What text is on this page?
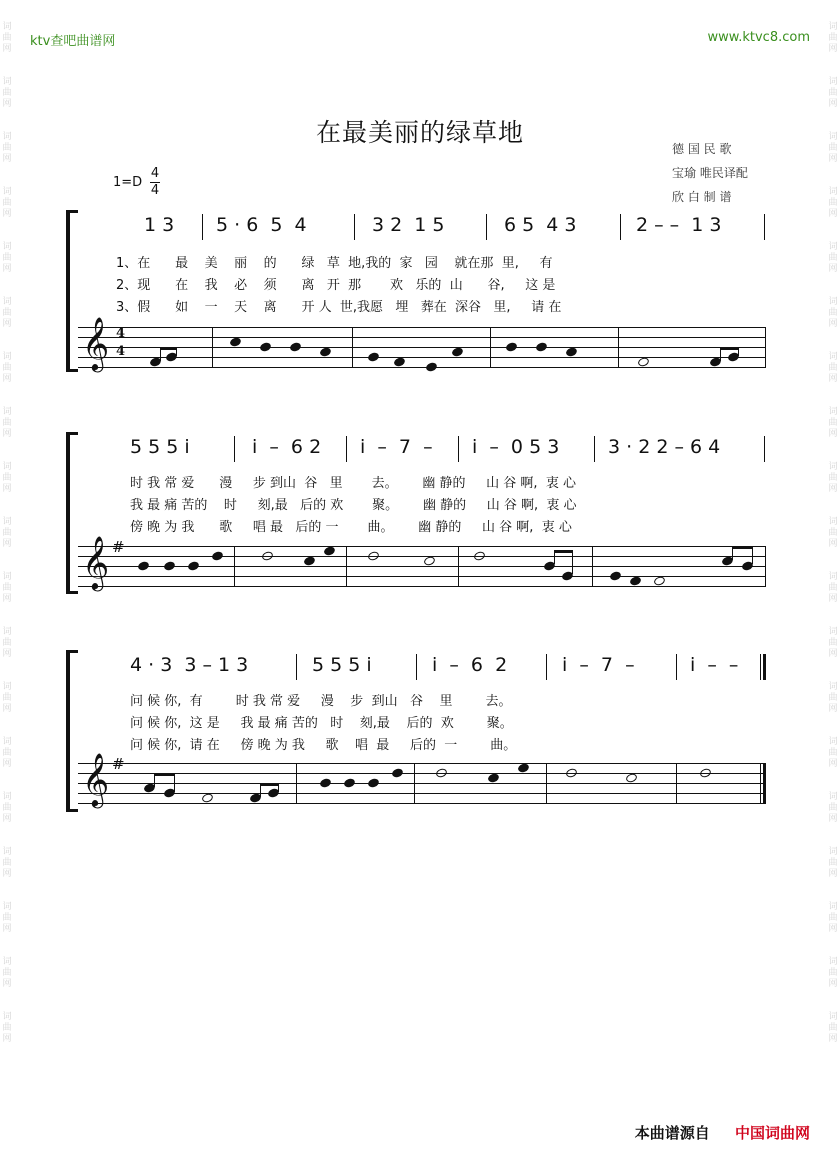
词
曲
网
词
曲
网
词
曲
网
词
曲
网
词
曲
网
词
曲
网
词
曲
网
词
曲
网
词
曲
网
词
曲
网
词
曲
网
词
曲
网
词
曲
网
词
曲
网
词
曲
网
词
曲
网
词
曲
网
词
曲
网
词
曲
网
词
曲
网
词
曲
网
词
曲
网
词
曲
网
词
曲
网
词
曲
网
词
曲
网
词
曲
网
词
曲
网
词
曲
网
词
曲
网
词
曲
网
词
曲
网
词
曲
网
词
曲
网
词
曲
网
词
曲
网
词
曲
网
词
曲
网
ktv查吧曲谱网	www.ktvc8.com
在最美丽的绿草地
德 国 民 歌
宝瑜 唯民译配
欣 白 制 谱
1=D
4
4
1 3 5 · 6  5  4	3 2  1 5	6 5  4 3	2 – –  1 3
1、在      最    美    丽    的      绿   草  地,我的  家   园    就在那  里,     有
2、现      在    我    必    须      离   开  那       欢   乐的  山      谷,     这 是
3、假      如    一    天    离      开 人  世,我愿   埋   葬在  深谷   里,     请 在
𝄞 4
4
5 5 5 i	i  –  6 2 i  –  7  – i  –  0 5 3	3 · 2 2 – 6 4
时 我 常 爱      漫     步 到山  谷   里       去。      幽 静的     山 谷 啊,  衷 心
我 最 痛 苦的    时     刻,最   后的 欢       聚。      幽 静的     山 谷 啊,  衷 心
傍 晚 为 我      歌     唱 最   后的 一       曲。      幽 静的     山 谷 啊,  衷 心
𝄞 #
4 · 3  3 – 1 3	5 5 5 i	i  –  6  2	i  –  7  –	i  –  –
问 候 你,  有        时 我 常 爱     漫    步  到山   谷    里        去。
问 候 你,  这 是     我 最 痛 苦的   时    刻,最    后的  欢        聚。
问 候 你,  请 在     傍 晚 为 我     歌    唱  最     后的  一        曲。
𝄞 #
本曲谱源自 中国词曲网
